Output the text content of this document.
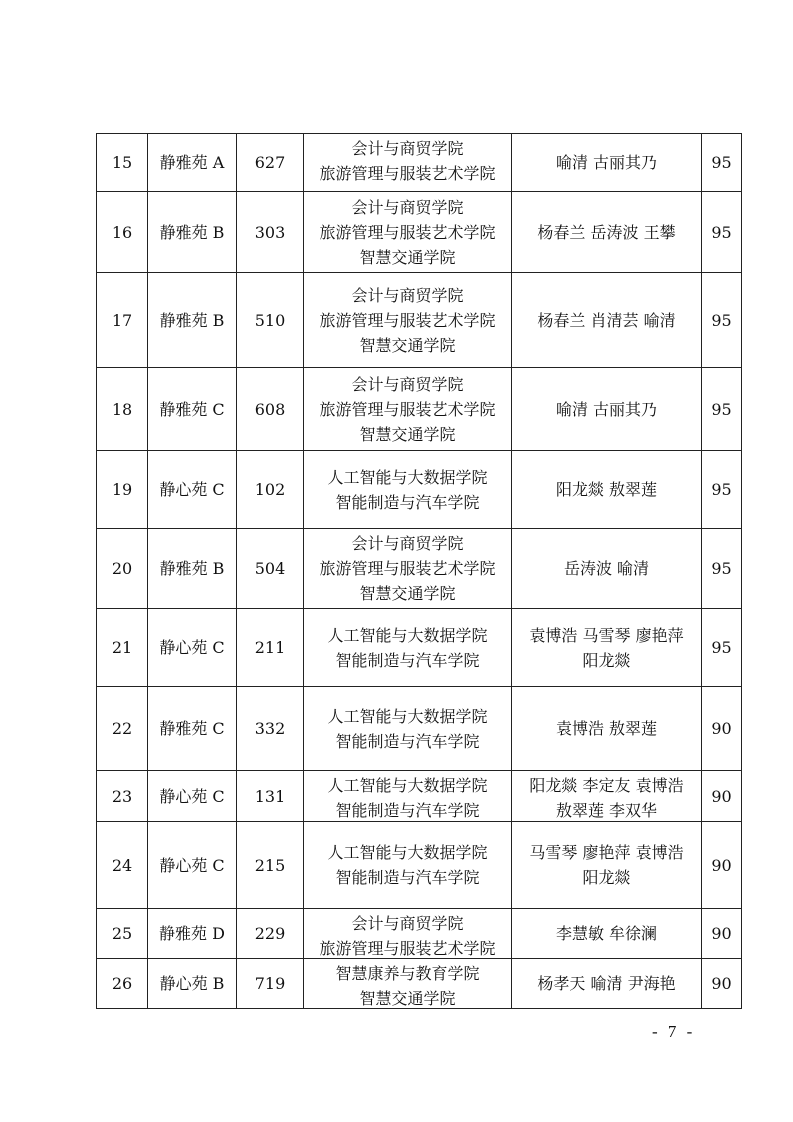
15	静雅苑 A	627	会计与商贸学院
旅游管理与服装艺术学院	喻清 古丽其乃	95
16	静雅苑 B	303	会计与商贸学院
旅游管理与服装艺术学院
智慧交通学院	杨春兰 岳涛波 王攀	95
17	静雅苑 B	510	会计与商贸学院
旅游管理与服装艺术学院
智慧交通学院	杨春兰 肖清芸 喻清	95
18	静雅苑 C	608	会计与商贸学院
旅游管理与服装艺术学院
智慧交通学院	喻清 古丽其乃	95
19	静心苑 C	102	人工智能与大数据学院
智能制造与汽车学院	阳龙燚 敖翠莲	95
20	静雅苑 B	504	会计与商贸学院
旅游管理与服装艺术学院
智慧交通学院	岳涛波 喻清	95
21	静心苑 C	211	人工智能与大数据学院
智能制造与汽车学院	袁博浩 马雪琴 廖艳萍
阳龙燚	95
22	静雅苑 C	332	人工智能与大数据学院
智能制造与汽车学院	袁博浩 敖翠莲	90
23	静心苑 C	131	人工智能与大数据学院
智能制造与汽车学院	阳龙燚 李定友 袁博浩
敖翠莲 李双华	90
24	静心苑 C	215	人工智能与大数据学院
智能制造与汽车学院	马雪琴 廖艳萍 袁博浩
阳龙燚	90
25	静雅苑 D	229	会计与商贸学院
旅游管理与服装艺术学院	李慧敏 牟徐澜	90
26	静心苑 B	719	智慧康养与教育学院
智慧交通学院	杨孝天 喻清 尹海艳	90
- 7 -
